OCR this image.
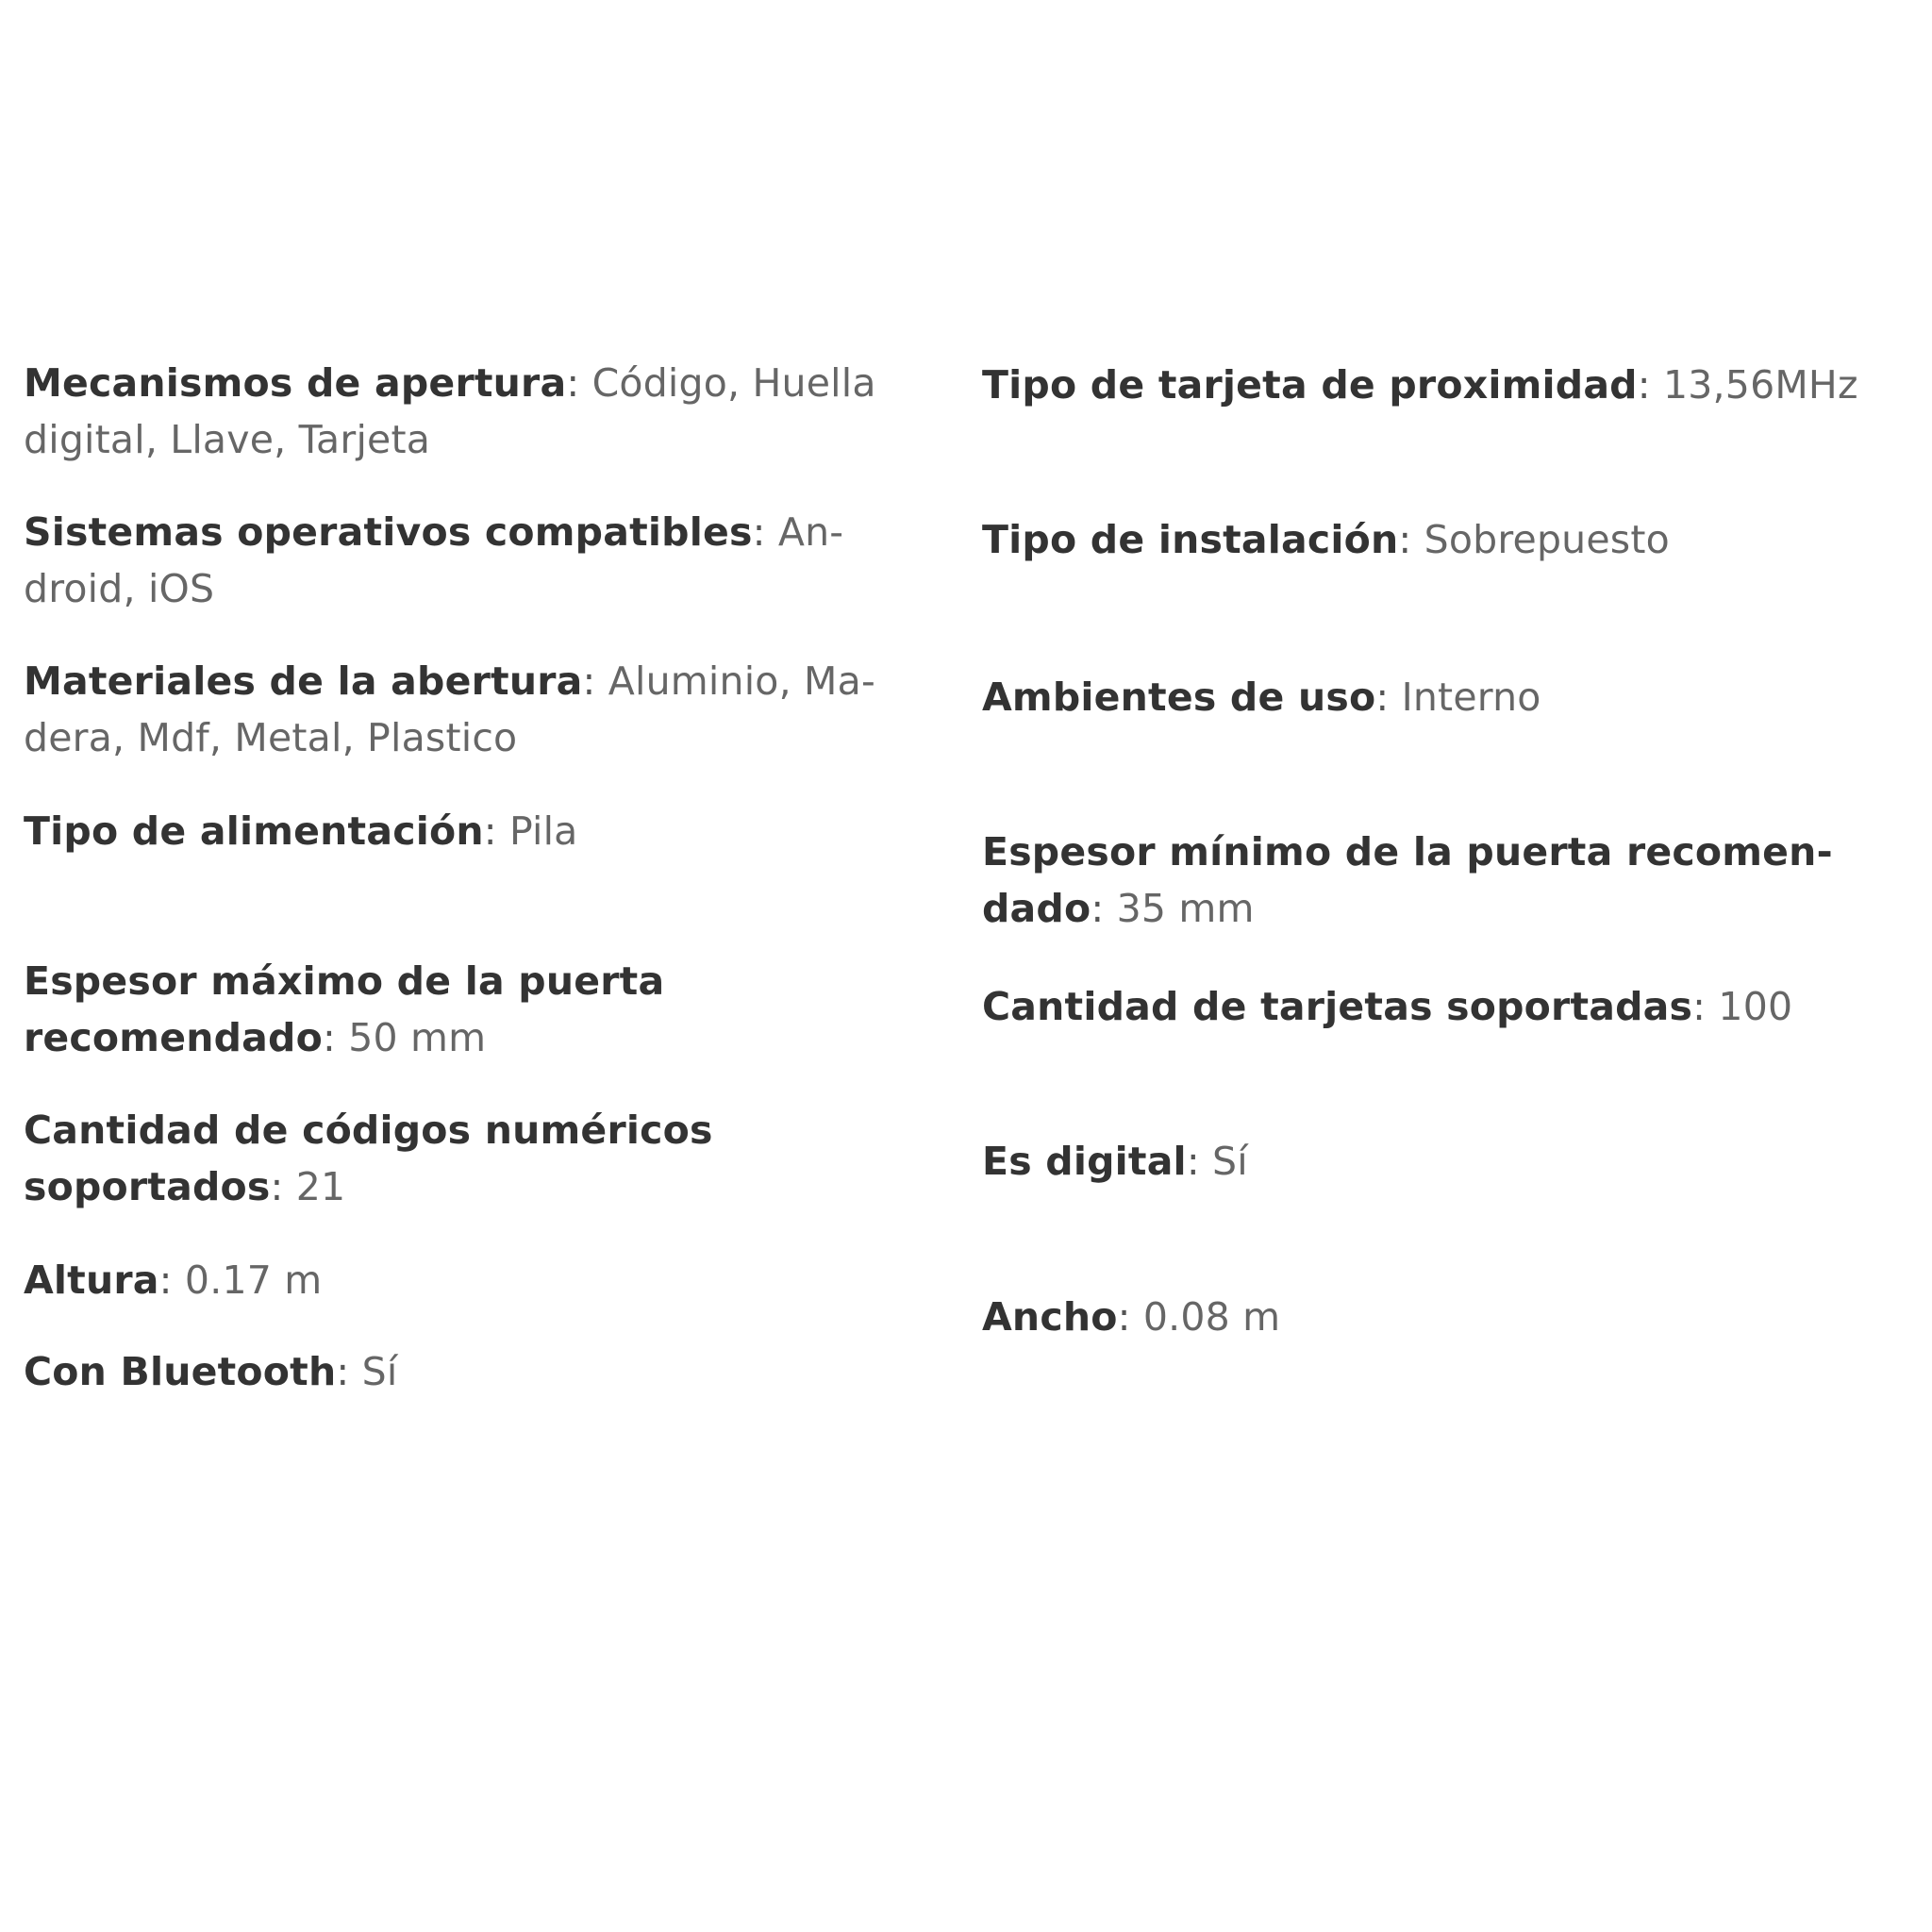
Mecanismos de apertura: Código, Huella digital, Llave, Tarjeta

Sistemas operativos compatibles: Android, iOS

Materiales de la abertura: Aluminio, Madera, Mdf, Metal, Plastico

Tipo de alimentación: Pila

Espesor máximo de la puerta recomendado: 50 mm

Cantidad de códigos numéricos soportados: 21

Altura: 0.17 m

Con Bluetooth: Sí

Tipo de tarjeta de proximidad: 13,56MHz

Tipo de instalación: Sobrepuesto

Ambientes de uso: Interno

Espesor mínimo de la puerta recomendado: 35 mm

Cantidad de tarjetas soportadas: 100

Es digital: Sí

Ancho: 0.08 m
